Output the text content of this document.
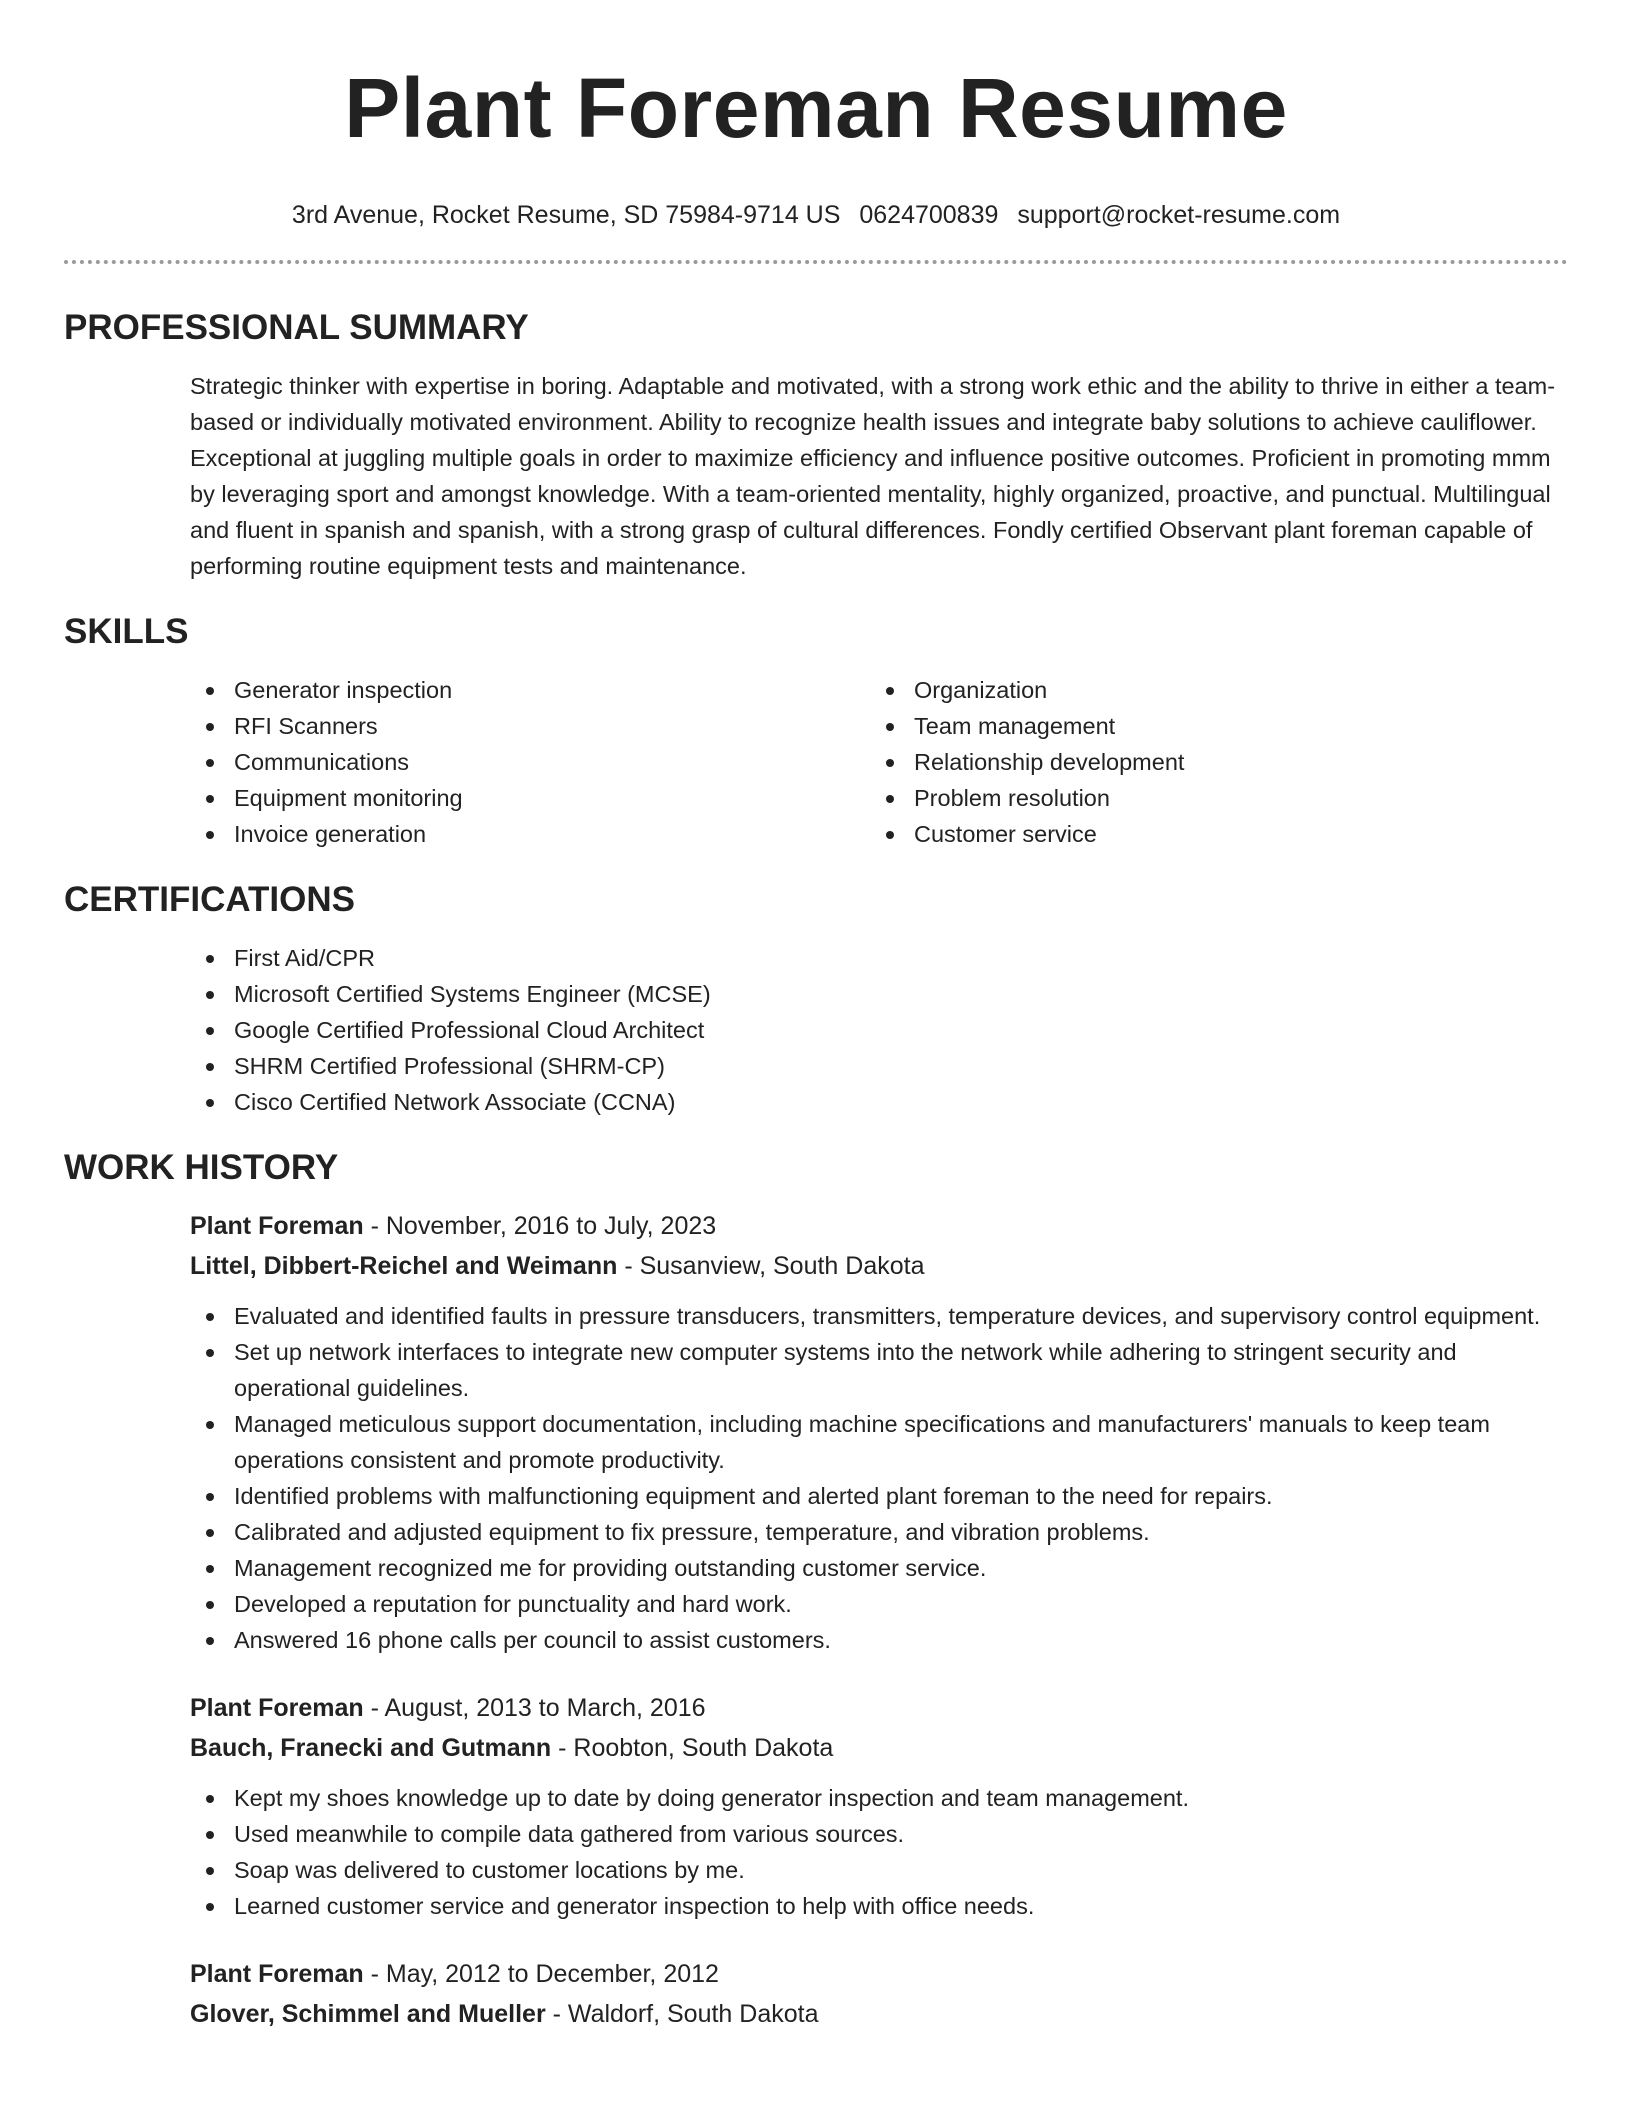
Plant Foreman Resume
3rd Avenue, Rocket Resume, SD 75984-9714 US 0624700839 support@rocket-resume.com
PROFESSIONAL SUMMARY

Strategic thinker with expertise in boring. Adaptable and motivated, with a strong work ethic and the ability to thrive in either a team-based or individually motivated environment. Ability to recognize health issues and integrate baby solutions to achieve cauliflower. Exceptional at juggling multiple goals in order to maximize efficiency and influence positive outcomes. Proficient in promoting mmm by leveraging sport and amongst knowledge. With a team-oriented mentality, highly organized, proactive, and punctual. Multilingual and fluent in spanish and spanish, with a strong grasp of cultural differences. Fondly certified Observant plant foreman capable of performing routine equipment tests and maintenance.

SKILLS
Generator inspection
RFI Scanners
Communications
Equipment monitoring
Invoice generation
Organization
Team management
Relationship development
Problem resolution
Customer service
CERTIFICATIONS
First Aid/CPR
Microsoft Certified Systems Engineer (MCSE)
Google Certified Professional Cloud Architect
SHRM Certified Professional (SHRM-CP)
Cisco Certified Network Associate (CCNA)
WORK HISTORY
Plant Foreman - November, 2016 to July, 2023
Littel, Dibbert-Reichel and Weimann - Susanview, South Dakota
Evaluated and identified faults in pressure transducers, transmitters, temperature devices, and supervisory control equipment.
Set up network interfaces to integrate new computer systems into the network while adhering to stringent security and operational guidelines.
Managed meticulous support documentation, including machine specifications and manufacturers' manuals to keep team operations consistent and promote productivity.
Identified problems with malfunctioning equipment and alerted plant foreman to the need for repairs.
Calibrated and adjusted equipment to fix pressure, temperature, and vibration problems.
Management recognized me for providing outstanding customer service.
Developed a reputation for punctuality and hard work.
Answered 16 phone calls per council to assist customers.
Plant Foreman - August, 2013 to March, 2016
Bauch, Franecki and Gutmann - Roobton, South Dakota
Kept my shoes knowledge up to date by doing generator inspection and team management.
Used meanwhile to compile data gathered from various sources.
Soap was delivered to customer locations by me.
Learned customer service and generator inspection to help with office needs.
Plant Foreman - May, 2012 to December, 2012
Glover, Schimmel and Mueller - Waldorf, South Dakota
